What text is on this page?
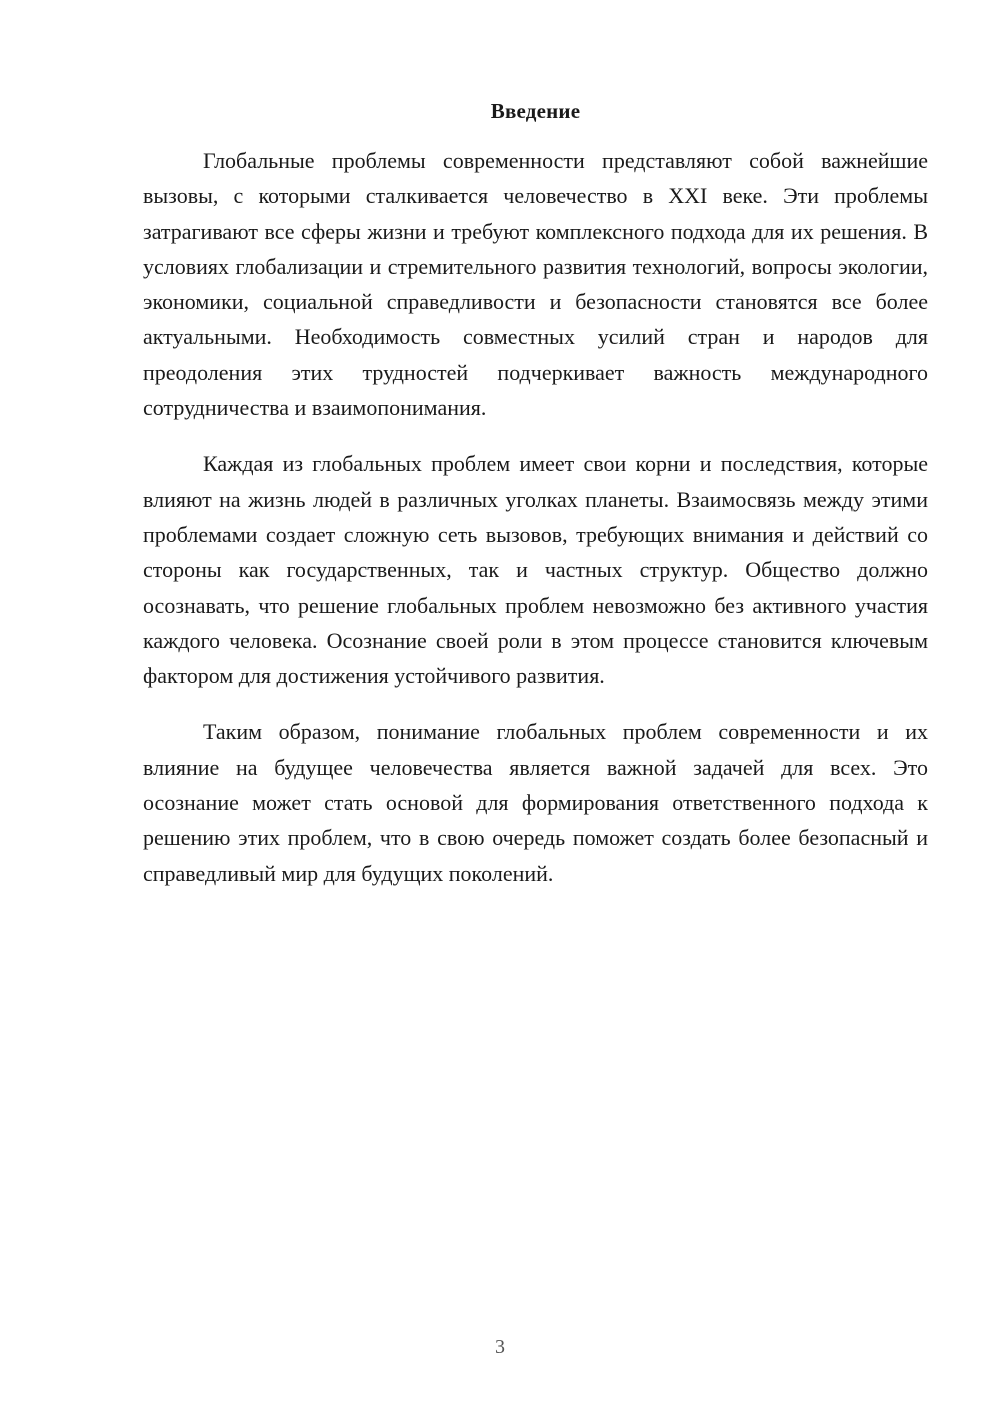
Введение

Глобальные проблемы современности представляют собой важнейшие вызовы, с которыми сталкивается человечество в XXI веке. Эти проблемы затрагивают все сферы жизни и требуют комплексного подхода для их решения. В условиях глобализации и стремительного развития технологий, вопросы экологии, экономики, социальной справедливости и безопасности становятся все более актуальными. Необходимость совместных усилий стран и народов для преодоления этих трудностей подчеркивает важность международного сотрудничества и взаимопонимания.

Каждая из глобальных проблем имеет свои корни и последствия, которые влияют на жизнь людей в различных уголках планеты. Взаимосвязь между этими проблемами создает сложную сеть вызовов, требующих внимания и действий со стороны как государственных, так и частных структур. Общество должно осознавать, что решение глобальных проблем невозможно без активного участия каждого человека. Осознание своей роли в этом процессе становится ключевым фактором для достижения устойчивого развития.

Таким образом, понимание глобальных проблем современности и их влияние на будущее человечества является важной задачей для всех. Это осознание может стать основой для формирования ответственного подхода к решению этих проблем, что в свою очередь поможет создать более безопасный и справедливый мир для будущих поколений.

3
